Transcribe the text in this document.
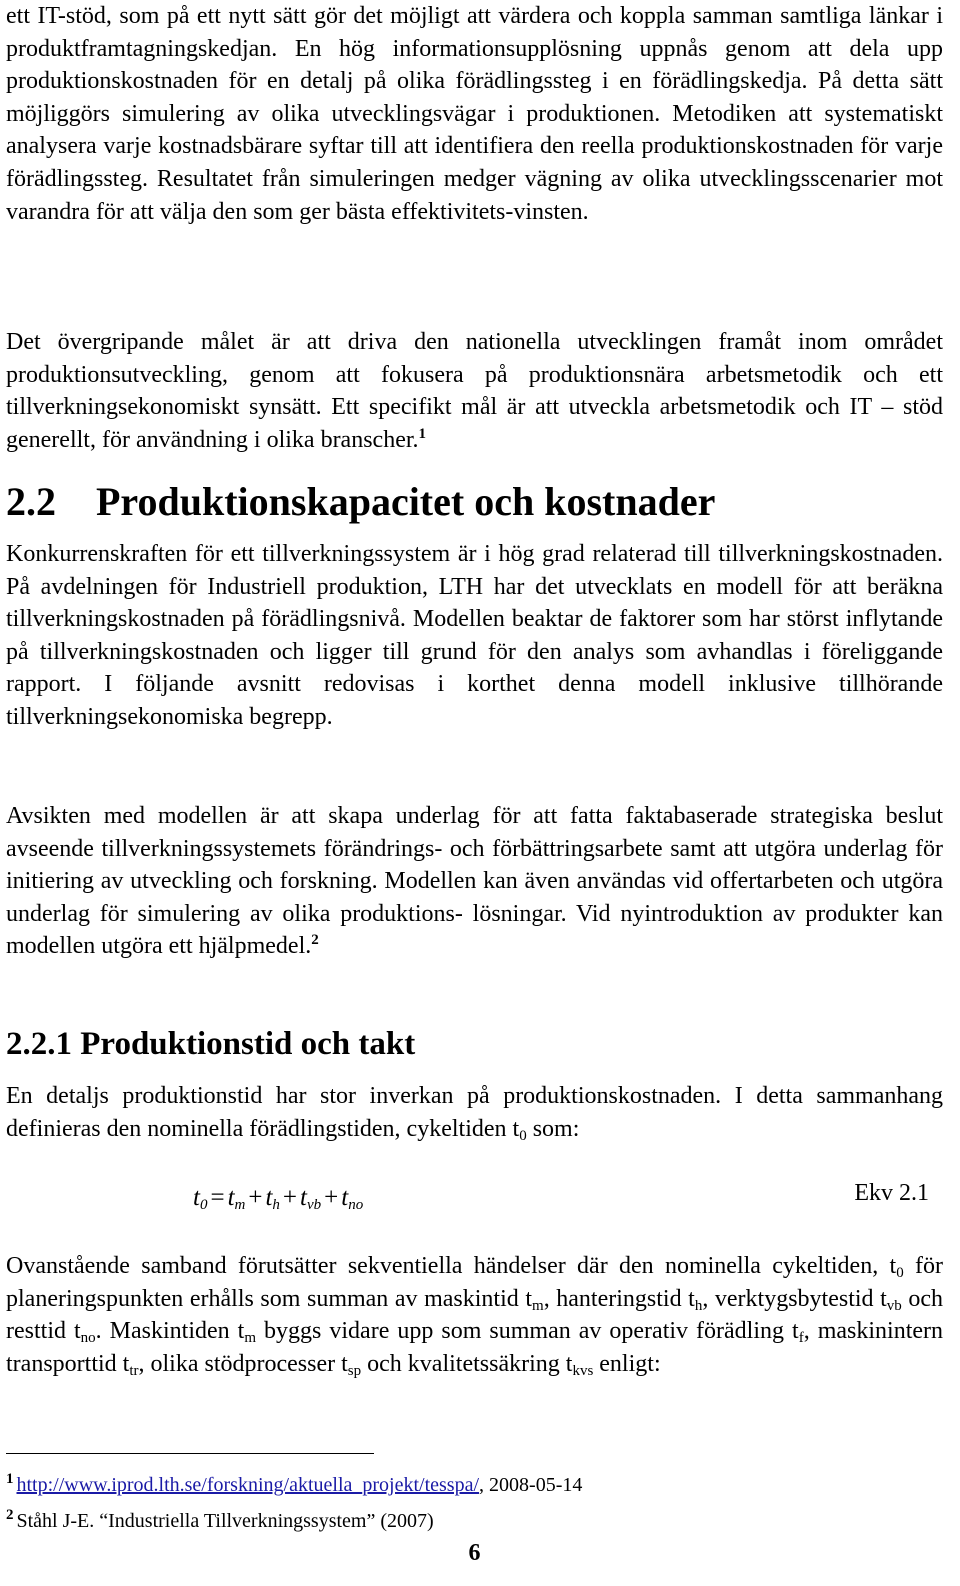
ett IT-stöd, som på ett nytt sätt gör det möjligt att värdera och koppla samman samtliga länkar i produktframtagningskedjan. En hög informationsupplösning uppnås genom att dela upp produktionskostnaden för en detalj på olika förädlingssteg i en förädlingskedja. På detta sätt möjliggörs simulering av olika utvecklingsvägar i produktionen. Metodiken att systematiskt analysera varje kostnadsbärare syftar till att identifiera den reella produktionskostnaden för varje förädlingssteg. Resultatet från simuleringen medger vägning av olika utvecklingsscenarier mot varandra för att välja den som ger bästa effektivitets-vinsten.

Det övergripande målet är att driva den nationella utvecklingen framåt inom området produktionsutveckling, genom att fokusera på produktionsnära arbetsmetodik och ett tillverkningsekonomiskt synsätt. Ett specifikt mål är att utveckla arbetsmetodik och IT – stöd generellt, för användning i olika branscher.$^1$

2.2 Produktionskapacitet och kostnader

Konkurrenskraften för ett tillverkningssystem är i hög grad relaterad till tillverkningskostnaden. På avdelningen för Industriell produktion, LTH har det utvecklats en modell för att beräkna tillverkningskostnaden på förädlingsnivå. Modellen beaktar de faktorer som har störst inflytande på tillverkningskostnaden och ligger till grund för den analys som avhandlas i föreliggande rapport. I följande avsnitt redovisas i korthet denna modell inklusive tillhörande tillverkningsekonomiska begrepp.

Avsikten med modellen är att skapa underlag för att fatta faktabaserade strategiska beslut avseende tillverkningssystemets förändrings- och förbättringsarbete samt att utgöra underlag för initiering av utveckling och forskning. Modellen kan även användas vid offertarbeten och utgöra underlag för simulering av olika produktions- lösningar. Vid nyintroduktion av produkter kan modellen utgöra ett hjälpmedel.$^2$

2.2.1 Produktionstid och takt

En detaljs produktionstid har stor inverkan på produktionskostnaden. I detta sammanhang definieras den nominella förädlingstiden, cykeltiden $t_0$ som:

$t_0 = t_m + t_h + t_{vb} + t_{no}$	Ekv 2.1

Ovanstående samband förutsätter sekventiella händelser där den nominella cykeltiden, $t_0$ för planeringspunkten erhålls som summan av maskintid $t_m$, hanteringstid $t_h$, verktygsbytestid $t_{vb}$ och resttid $t_{no}$. Maskintiden $t_m$ byggs vidare upp som summan av operativ förädling $t_f$, maskinintern transporttid $t_{tr}$, olika stödprocesser $t_{sp}$ och kvalitetssäkring $t_{kvs}$ enligt:

$^1$ http://www.iprod.lth.se/forskning/aktuella_projekt/tesspa/, 2008-05-14
$^2$ Ståhl J-E. “Industriella Tillverkningssystem” (2007)
6
